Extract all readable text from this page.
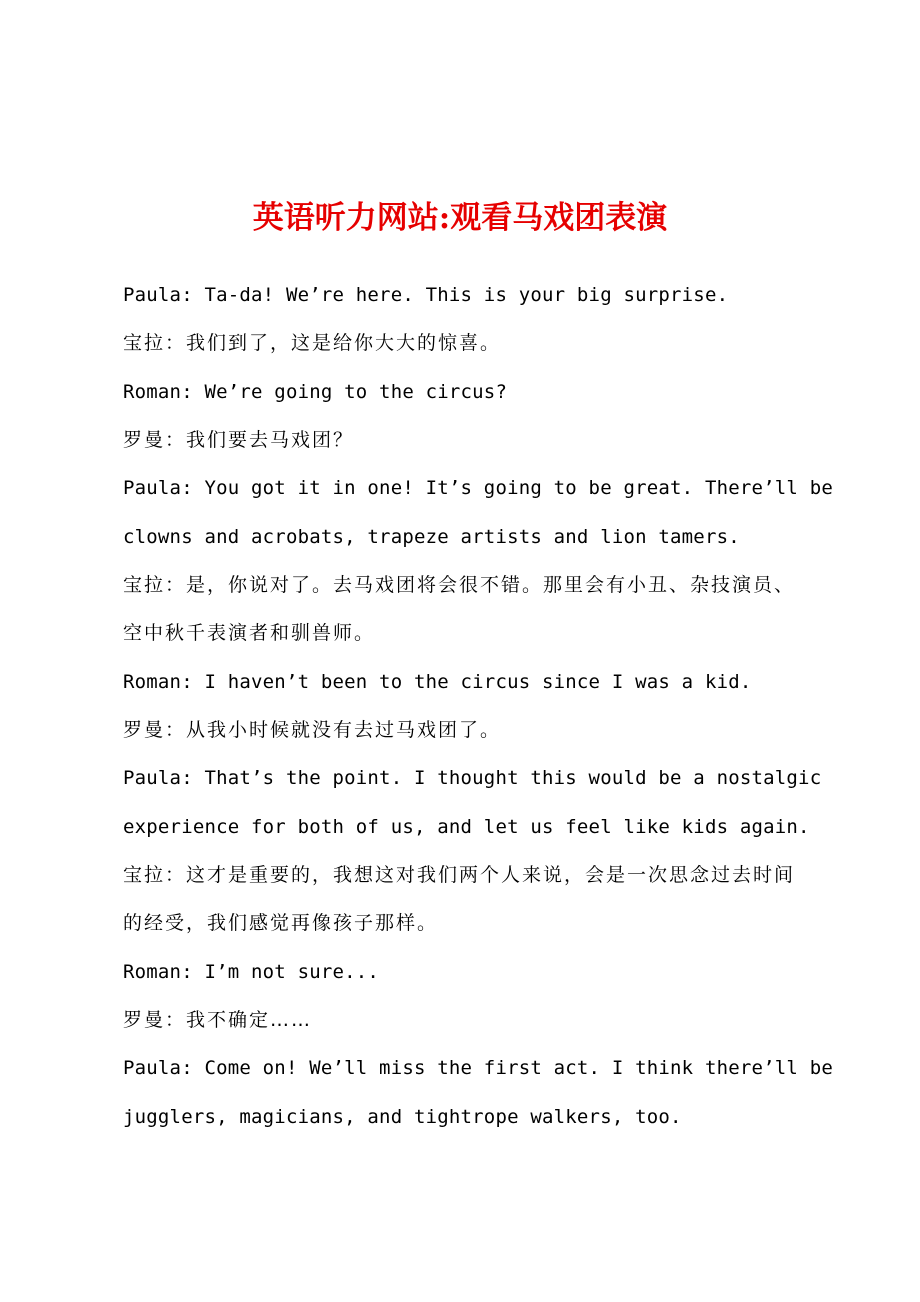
英语听力网站:观看马戏团表演
Paula: Ta-da! We’re here. This is your big surprise.
宝拉：我们到了，这是给你大大的惊喜。
Roman: We’re going to the circus?
罗曼：我们要去马戏团？
Paula: You got it in one! It’s going to be great. There’ll be
clowns and acrobats, trapeze artists and lion tamers.
宝拉：是，你说对了。去马戏团将会很不错。那里会有小丑、杂技演员、
空中秋千表演者和驯兽师。
Roman: I haven’t been to the circus since I was a kid.
罗曼：从我小时候就没有去过马戏团了。
Paula: That’s the point. I thought this would be a nostalgic
experience for both of us, and let us feel like kids again.
宝拉：这才是重要的，我想这对我们两个人来说，会是一次思念过去时间
的经受，我们感觉再像孩子那样。
Roman: I’m not sure...
罗曼：我不确定……
Paula: Come on! We’ll miss the first act. I think there’ll be
jugglers, magicians, and tightrope walkers, too.
